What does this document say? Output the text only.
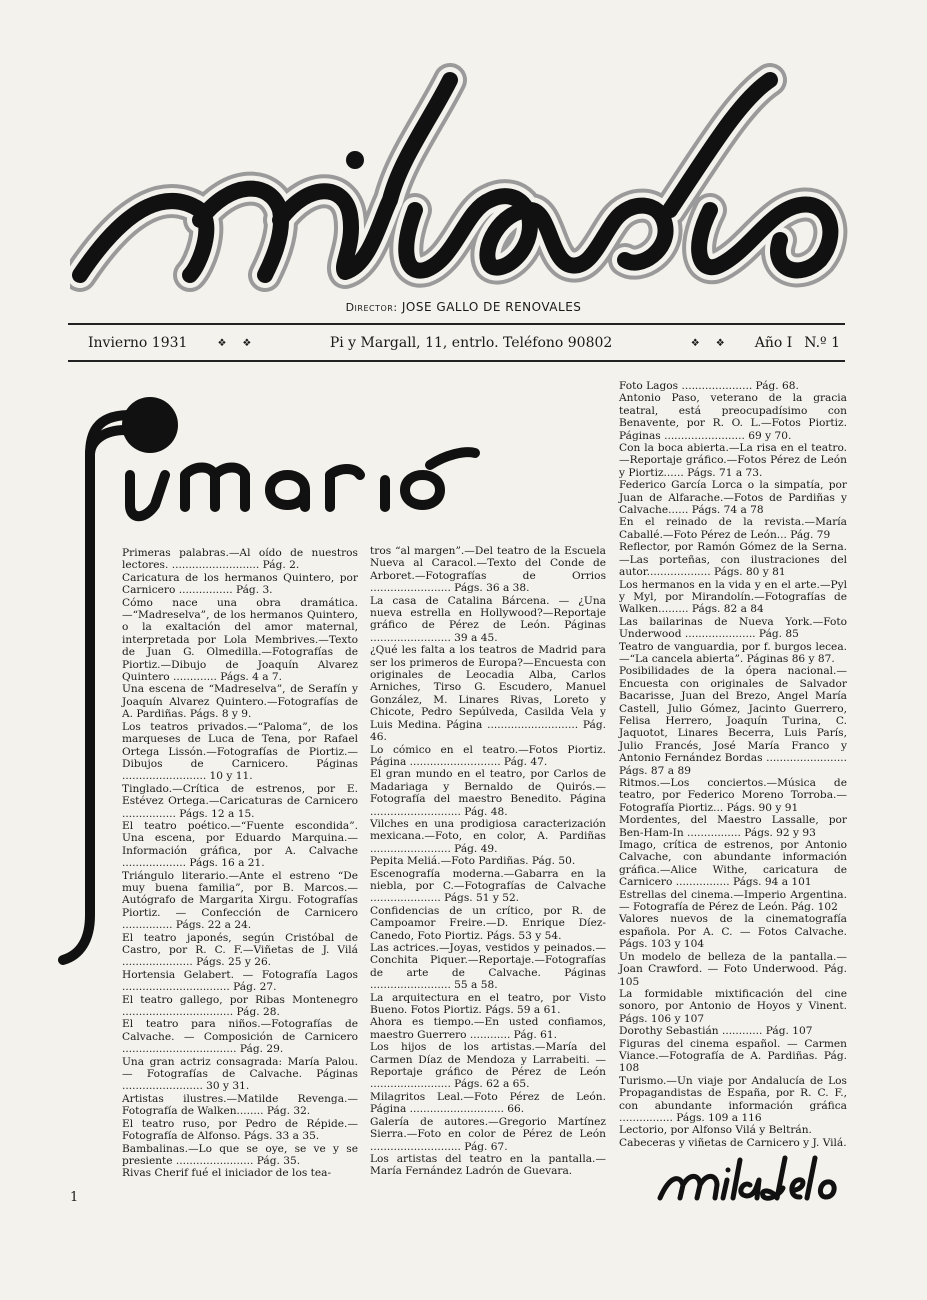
Director: JOSE GALLO DE RENOVALES
Invierno 1931	❖ ❖	Pi y Margall, 11, entrlo. Teléfono 90802	❖ ❖ Año I N.º 1

Primeras palabras.—Al oído de nuestros lectores. .......................... Pág. 2.

Caricatura de los hermanos Quintero, por Carnicero ................ Pág. 3.

Cómo nace una obra dramática.—“Madreselva”, de los hermanos Quintero, o la exaltación del amor maternal, interpretada por Lola Membrives.—Texto de Juan G. Olmedilla.—Fotografías de Piortiz.—Dibujo de Joaquín Alvarez Quintero ............. Págs. 4 a 7.

Una escena de “Madreselva”, de Serafín y Joaquín Alvarez Quintero.—Fotografías de A. Pardiñas. Págs. 8 y 9.

Los teatros privados.—“Paloma”, de los marqueses de Luca de Tena, por Rafael Ortega Lissón.—Fotografías de Piortiz.—Dibujos de Carnicero. Páginas ......................... 10 y 11.

Tinglado.—Crítica de estrenos, por E. Estévez Ortega.—Caricaturas de Carnicero ................ Págs. 12 a 15.

El teatro poético.—“Fuente escondida”. Una escena, por Eduardo Marquina.—Información gráfica, por A. Calvache ................... Págs. 16 a 21.

Triángulo literario.—Ante el estreno “De muy buena familia”, por B. Marcos.—Autógrafo de Margarita Xirgu. Fotografías Piortiz. — Confección de Carnicero ............... Págs. 22 a 24.

El teatro japonés, según Cristóbal de Castro, por R. C. F.—Viñetas de J. Vilá ..................... Págs. 25 y 26.

Hortensia Gelabert. — Fotografía Lagos ................................ Pág. 27.

El teatro gallego, por Ribas Montenegro ................................. Pág. 28.

El teatro para niños.—Fotografías de Calvache. — Composición de Carnicero .................................. Pág. 29.

Una gran actriz consagrada: María Palou. — Fotografías de Calvache. Páginas ........................ 30 y 31.

Artistas ilustres.—Matilde Revenga.—Fotografía de Walken........ Pág. 32.

El teatro ruso, por Pedro de Répide.—Fotografía de Alfonso. Págs. 33 a 35.

Bambalinas.—Lo que se oye, se ve y se presiente ....................... Pág. 35.

Rivas Cherif fué el iniciador de los tea-

tros “al margen”.—Del teatro de la Escuela Nueva al Caracol.—Texto del Conde de Arboret.—Fotografías de Orrios ........................ Págs. 36 a 38.

La casa de Catalina Bárcena. — ¿Una nueva estrella en Hollywood?—Reportaje gráfico de Pérez de León. Páginas ........................ 39 a 45.

¿Qué les falta a los teatros de Madrid para ser los primeros de Europa?—Encuesta con originales de Leocadia Alba, Carlos Arniches, Tirso G. Escudero, Manuel González, M. Linares Rivas, Loreto y Chicote, Pedro Sepúlveda, Casilda Vela y Luis Medina. Página ........................... Pág. 46.

Lo cómico en el teatro.—Fotos Piortiz. Página ........................... Pág. 47.

El gran mundo en el teatro, por Carlos de Madariaga y Bernaldo de Quirós.—Fotografía del maestro Benedito. Página ........................... Pág. 48.

Vilches en una prodigiosa caracterización mexicana.—Foto, en color, A. Pardiñas ........................ Pág. 49.

Pepita Meliá.—Foto Pardiñas. Pág. 50.

Escenografía moderna.—Gabarra en la niebla, por C.—Fotografías de Calvache ..................... Págs. 51 y 52.

Confidencias de un crítico, por R. de Campoamor Freire.—D. Enrique Díez-Canedo, Foto Piortiz. Págs. 53 y 54.

Las actrices.—Joyas, vestidos y peinados.—Conchita Piquer.—Reportaje.—Fotografías de arte de Calvache. Páginas ........................ 55 a 58.

La arquitectura en el teatro, por Visto Bueno. Fotos Piortiz. Págs. 59 a 61.

Ahora es tiempo.—En usted confiamos, maestro Guerrero ............ Pág. 61.

Los hijos de los artistas.—María del Carmen Díaz de Mendoza y Larrabeiti. — Reportaje gráfico de Pérez de León ........................ Págs. 62 a 65.

Milagritos Leal.—Foto Pérez de León. Página ............................ 66.

Galería de autores.—Gregorio Martínez Sierra.—Foto en color de Pérez de León ........................... Pág. 67.

Los artistas del teatro en la pantalla.—María Fernández Ladrón de Guevara.

Foto Lagos ..................... Pág. 68.

Antonio Paso, veterano de la gracia teatral, está preocupadísimo con Benavente, por R. O. L.—Fotos Piortiz. Páginas ........................ 69 y 70.

Con la boca abierta.—La risa en el teatro.—Reportaje gráfico.—Fotos Pérez de León y Piortiz...... Págs. 71 a 73.

Federico García Lorca o la simpatía, por Juan de Alfarache.—Fotos de Pardiñas y Calvache...... Págs. 74 a 78

En el reinado de la revista.—María Caballé.—Foto Pérez de León... Pág. 79

Reflector, por Ramón Gómez de la Serna.—Las porteñas, con ilustraciones del autor................... Págs. 80 y 81

Los hermanos en la vida y en el arte.—Pyl y Myl, por Mirandolín.—Fotografías de Walken......... Págs. 82 a 84

Las bailarinas de Nueva York.—Foto Underwood ..................... Pág. 85

Teatro de vanguardia, por f. burgos lecea.—“La cancela abierta”. Páginas 86 y 87.

Posibilidades de la ópera nacional.—Encuesta con originales de Salvador Bacarisse, Juan del Brezo, Angel María Castell, Julio Gómez, Jacinto Guerrero, Felisa Herrero, Joaquín Turina, C. Jaquotot, Linares Becerra, Luis París, Julio Francés, José María Franco y Antonio Fernández Bordas ........................ Págs. 87 a 89

Ritmos.—Los conciertos.—Música de teatro, por Federico Moreno Torroba.—Fotografía Piortiz... Págs. 90 y 91

Mordentes, del Maestro Lassalle, por Ben-Ham-In ................ Págs. 92 y 93

Imago, crítica de estrenos, por Antonio Calvache, con abundante información gráfica.—Alice Withe, caricatura de Carnicero ................ Págs. 94 a 101

Estrellas del cinema.—Imperio Argentina. — Fotografía de Pérez de León. Pág. 102

Valores nuevos de la cinematografía española. Por A. C. — Fotos Calvache. Págs. 103 y 104

Un modelo de belleza de la pantalla.—Joan Crawford. — Foto Underwood. Pág. 105

La formidable mixtificación del cine sonoro, por Antonio de Hoyos y Vinent. Págs. 106 y 107

Dorothy Sebastián ............ Pág. 107

Figuras del cinema español. — Carmen Viance.—Fotografía de A. Pardiñas. Pág. 108

Turismo.—Un viaje por Andalucía de Los Propagandistas de España, por R. C. F., con abundante información gráfica ................ Págs. 109 a 116

Lectorio, por Alfonso Vilá y Beltrán.

Cabeceras y viñetas de Carnicero y J. Vilá.

1
